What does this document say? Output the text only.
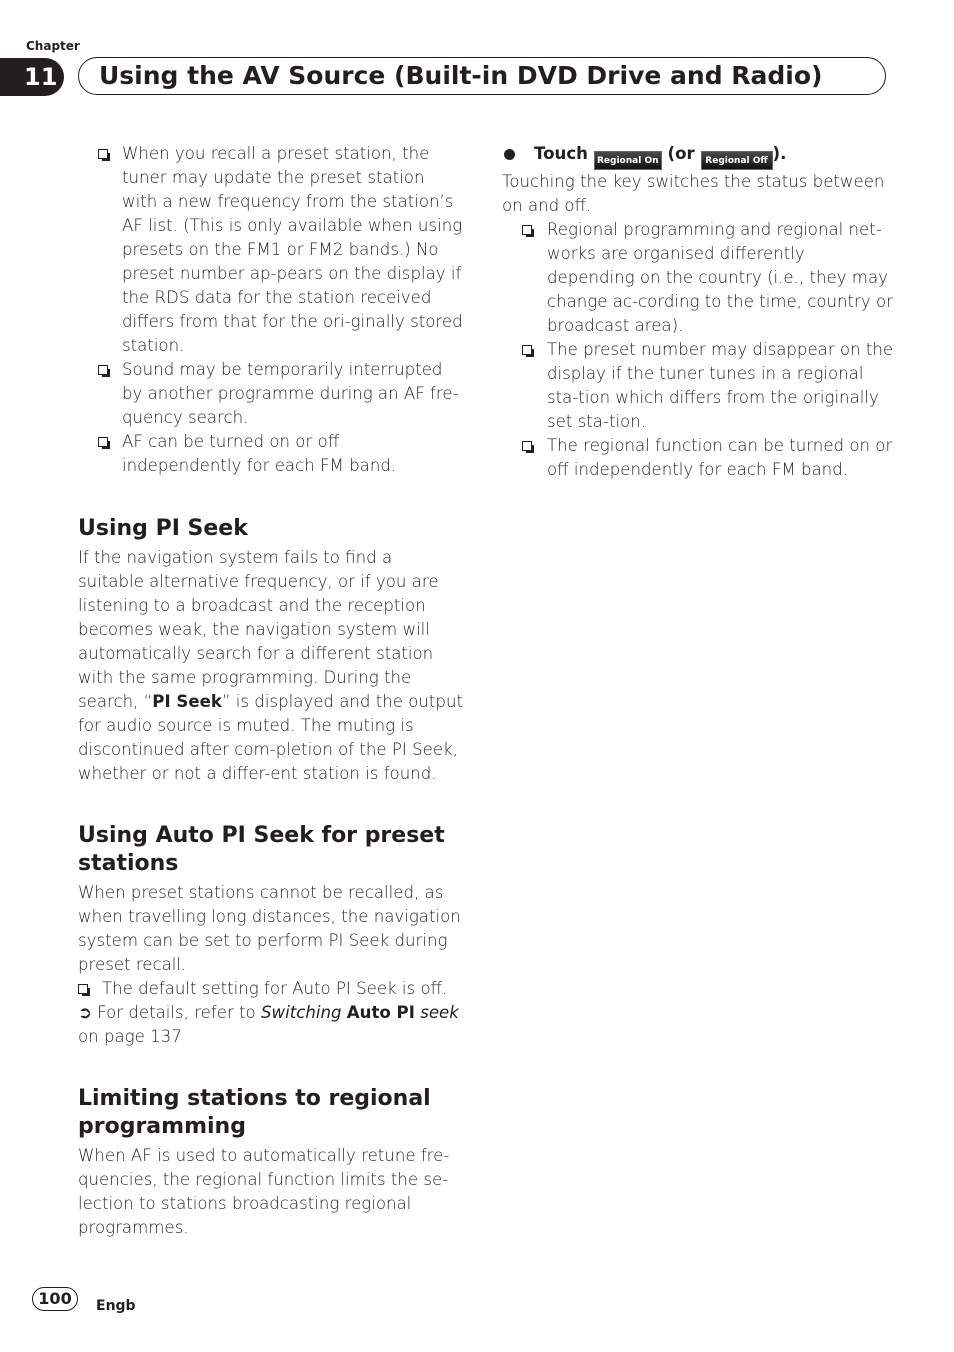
Chapter
11	Using the AV Source (Built-in DVD Drive and Radio)

When you recall a preset station, the tuner may update the preset station with a new frequency from the station’s AF list. (This is only available when using presets on the FM1 or FM2 bands.) No preset number ap-pears on the display if the RDS data for the station received differs from that for the ori-ginally stored station.

Sound may be temporarily interrupted by another programme during an AF fre-quency search.

AF can be turned on or off independently for each FM band.

Using PI Seek

If the navigation system fails to find a suitable alternative frequency, or if you are listening to a broadcast and the reception becomes weak, the navigation system will automatically search for a different station with the same programming. During the search, “PI Seek” is displayed and the output for audio source is muted. The muting is discontinued after com-pletion of the PI Seek, whether or not a differ-ent station is found.

Using Auto PI Seek for preset stations

When preset stations cannot be recalled, as when travelling long distances, the navigation system can be set to perform PI Seek during preset recall.

The default setting for Auto PI Seek is off.

➲ For details, refer to Switching Auto PI seek
on page 137

Limiting stations to regional programming

When AF is used to automatically retune fre-quencies, the regional function limits the se-lection to stations broadcasting regional programmes.

Touch Regional On (or Regional Off ).

Touching the key switches the status between on and off.

Regional programming and regional net-works are organised differently depending on the country (i.e., they may change ac-cording to the time, country or broadcast area).

The preset number may disappear on the display if the tuner tunes in a regional sta-tion which differs from the originally set sta-tion.

The regional function can be turned on or off independently for each FM band.

100	Engb
